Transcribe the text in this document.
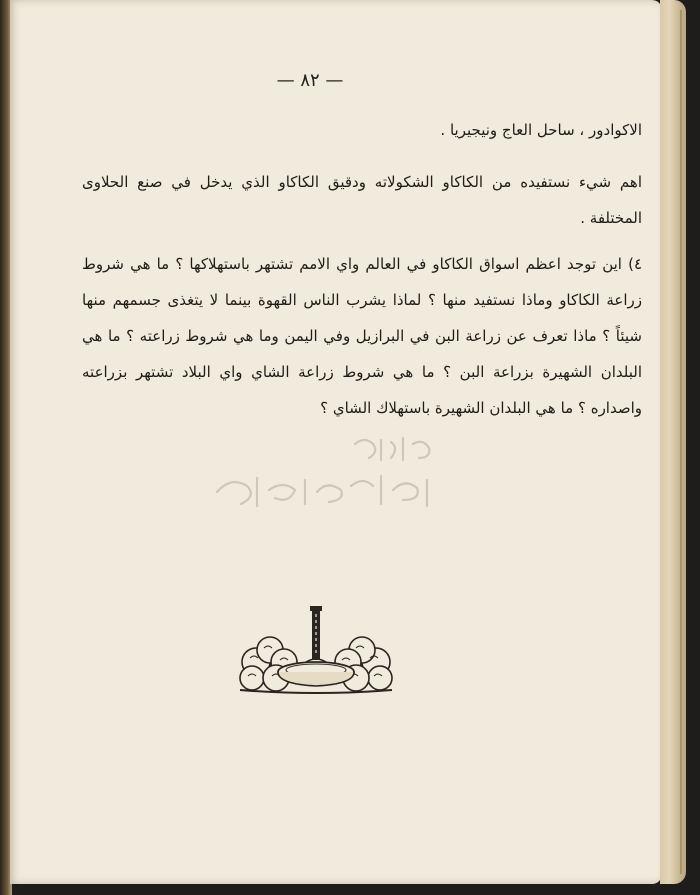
— ٨٢ —
الاكوادور ، ساحل العاج ونيجيريا .
اهم شيء نستفيده من الكاكاو الشكولاته ودقيق الكاكاو الذي يدخل في صنع الحلاوى المختلفة .
٤) اين توجد اعظم اسواق الكاكاو في العالم واي الامم تشتهر باستهلاكها ؟ ما هي شروط زراعة الكاكاو وماذا نستفيد منها ؟ لماذا يشرب الناس القهوة بينما لا يتغذى جسمهم منها شيئاً ؟ ماذا تعرف عن زراعة البن في البرازيل وفي اليمن وما هي شروط زراعته ؟ ما هي البلدان الشهيرة بزراعة البن ؟ ما هي شروط زراعة الشاي واي البلاد تشتهر بزراعته واصداره ؟ ما هي البلدان الشهيرة باستهلاك الشاي ؟
